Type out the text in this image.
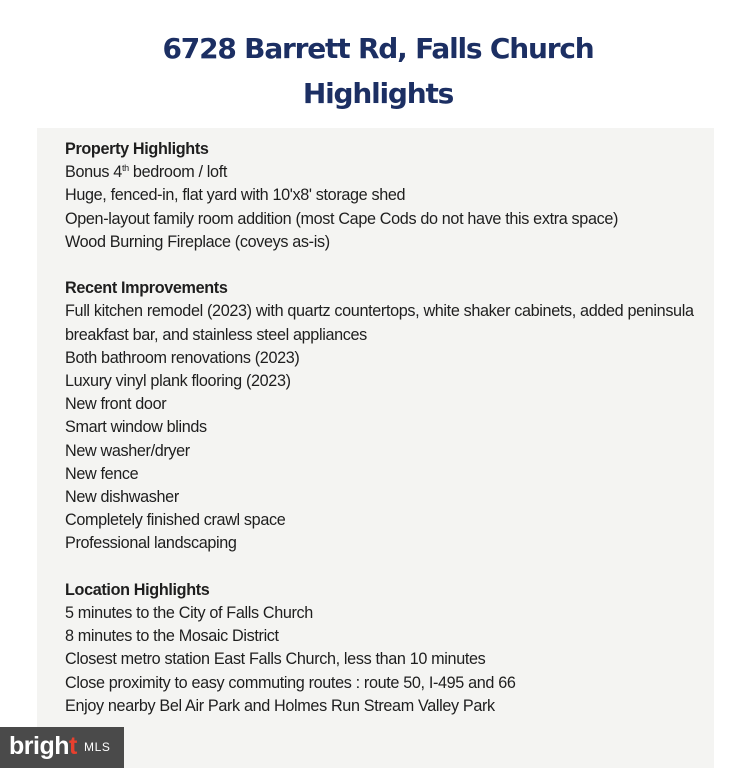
6728 Barrett Rd, Falls Church
Highlights
Property Highlights
Bonus 4th bedroom / loft
Huge, fenced-in, flat yard with 10'x8' storage shed
Open-layout family room addition (most Cape Cods do not have this extra space)
Wood Burning Fireplace (coveys as-is)
Recent Improvements
Full kitchen remodel (2023) with quartz countertops, white shaker cabinets, added peninsula breakfast bar, and stainless steel appliances
Both bathroom renovations (2023)
Luxury vinyl plank flooring (2023)
New front door
Smart window blinds
New washer/dryer
New fence
New dishwasher
Completely finished crawl space
Professional landscaping
Location Highlights
5 minutes to the City of Falls Church
8 minutes to the Mosaic District
Closest metro station East Falls Church, less than 10 minutes
Close proximity to easy commuting routes : route 50, I-495 and 66
Enjoy nearby Bel Air Park and Holmes Run Stream Valley Park
bright MLS
